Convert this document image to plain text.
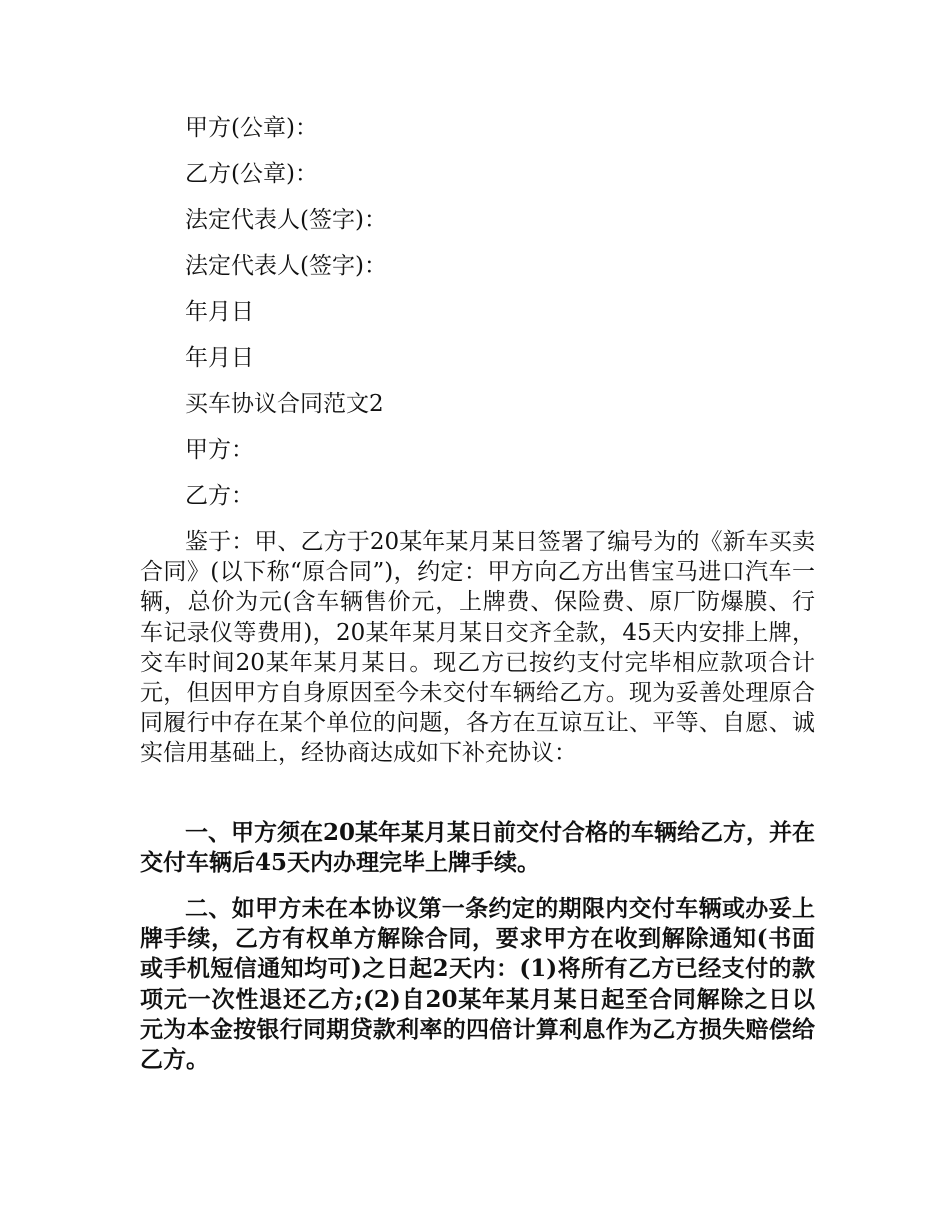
甲方(公章)：
乙方(公章)：
法定代表人(签字)：
法定代表人(签字)：
年月日
年月日
买车协议合同范文2
甲方：
乙方：
鉴于：甲、乙方于20某年某月某日签署了编号为的《新车买卖合同》(以下称“原合同”)，约定：甲方向乙方出售宝马进口汽车一辆，总价为元(含车辆售价元，上牌费、保险费、原厂防爆膜、行车记录仪等费用)，20某年某月某日交齐全款，45天内安排上牌，交车时间20某年某月某日。现乙方已按约支付完毕相应款项合计元，但因甲方自身原因至今未交付车辆给乙方。现为妥善处理原合同履行中存在某个单位的问题，各方在互谅互让、平等、自愿、诚实信用基础上，经协商达成如下补充协议：
一、甲方须在20某年某月某日前交付合格的车辆给乙方，并在交付车辆后45天内办理完毕上牌手续。
二、如甲方未在本协议第一条约定的期限内交付车辆或办妥上牌手续，乙方有权单方解除合同，要求甲方在收到解除通知(书面或手机短信通知均可)之日起2天内：(1)将所有乙方已经支付的款项元一次性退还乙方;(2)自20某年某月某日起至合同解除之日以元为本金按银行同期贷款利率的四倍计算利息作为乙方损失赔偿给乙方。
